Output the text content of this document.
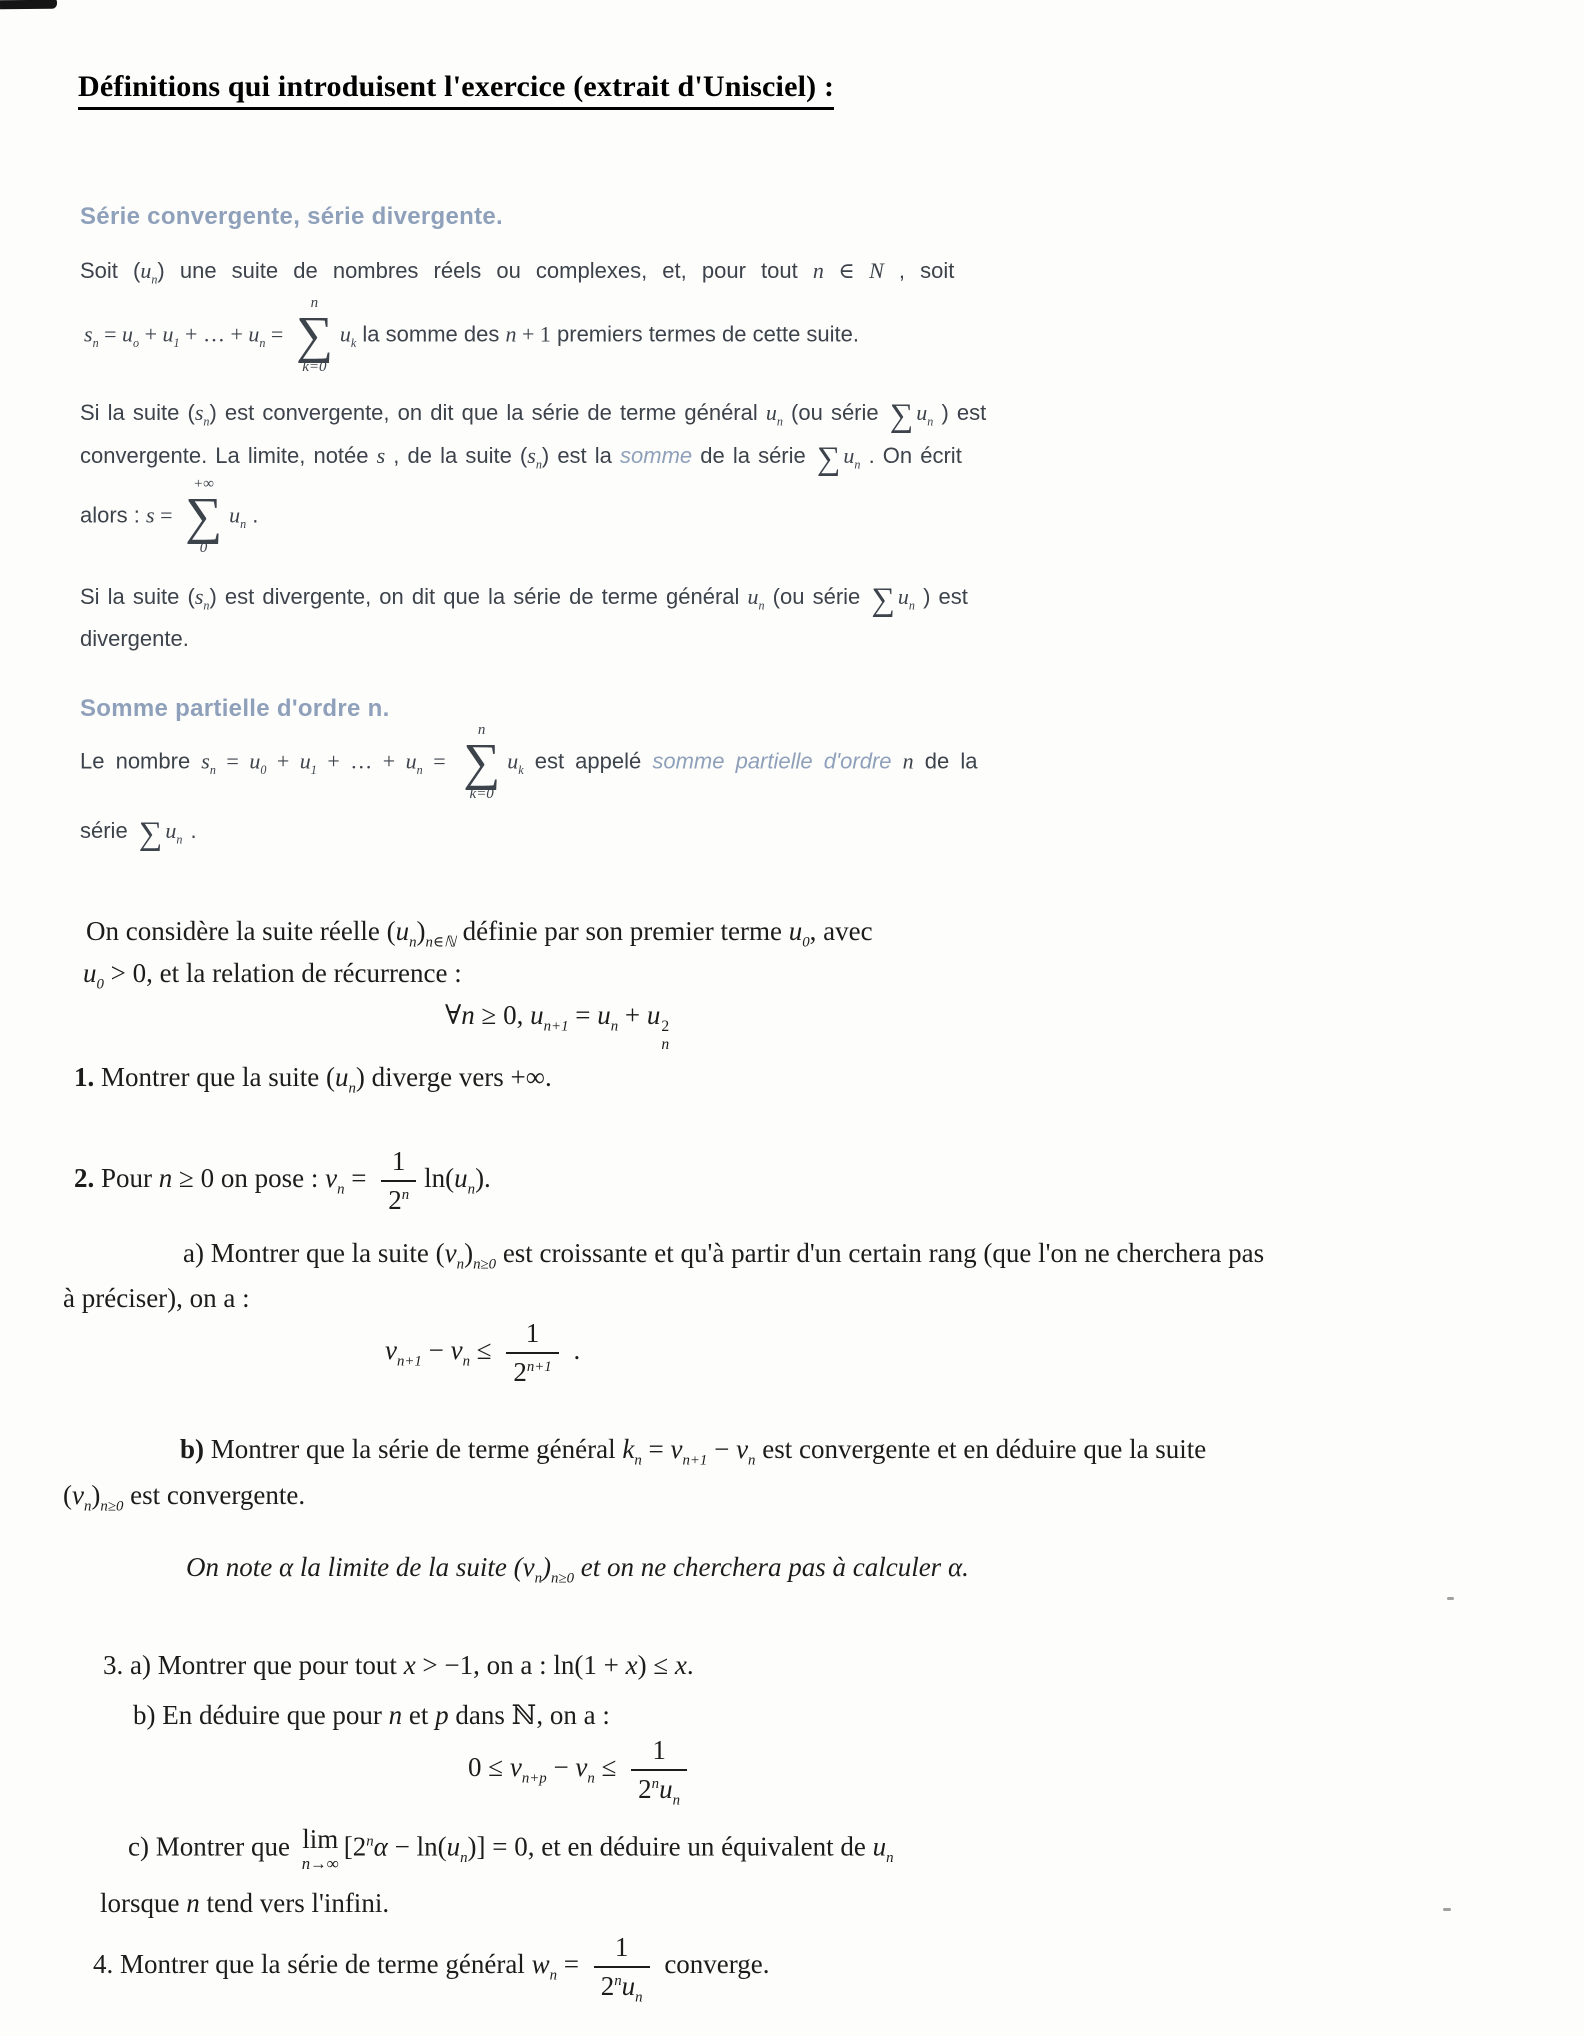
Définitions qui introduisent l'exercice (extrait d'Unisciel) :
Série convergente, série divergente.
Soit $(u_n)$ une suite de nombres réels ou complexes, et, pour tout n ∈ N , soit
$s_n = u_o + u_1$ + … + $u_n$ =
n
∑
k=0
$u_k$ la somme des n + 1 premiers termes de cette suite.
Si la suite $(s_n)$ est convergente, on dit que la série de terme général $u_n$ (ou série ∑ $u_n$ ) est
convergente. La limite, notée s , de la suite $(s_n)$ est la somme de la série ∑ $u_n$ . On écrit
alors : s =
+∞
∑
0
$u_n$ .
Si la suite $(s_n)$ est divergente, on dit que la série de terme général $u_n$ (ou série ∑ $u_n$ ) est
divergente.
Somme partielle d'ordre n.
Le nombre $s_n = u_0 + u_1$ + … + $u_n$ =
n
∑
k=0
$u_k$ est appelé somme partielle d'ordre n de la
série ∑ $u_n$ .
On considère la suite réelle $(u_n)_{n\in ℕ}$ définie par son premier terme $u_0$, avec
$u_0 > 0$, et la relation de récurrence :
∀n ≥ 0, $u_{n+1} = u_n + u$ 2
n
1. Montrer que la suite $(u_n)$ diverge vers +∞.
2. Pour n ≥ 0 on pose : $v_n = \frac{1}{2^n} \ln(u_n)$.
a) Montrer que la suite $(v_n)_{n\ge 0}$ est croissante et qu'à partir d'un certain rang (que l'on ne cherchera pas
à préciser), on a :
$v_{n+1} - v_n \le \frac{1}{2^{n+1}}$ .
b) Montrer que la série de terme général $k_n = v_{n+1} - v_n$ est convergente et en déduire que la suite
$(v_n)_{n\ge 0}$ est convergente.
On note α la limite de la suite $(v_n)_{n\ge 0}$ et on ne cherchera pas à calculer α.
3. a) Montrer que pour tout x > −1, on a : ln(1 + x) ≤ x.
b) En déduire que pour n et p dans ℕ, on a :
$0 \le v_{n+p} - v_n \le \frac{1}{2^nu_n}$
c) Montrer que lim
n→∞
$[2^n\alpha - \ln(u_n)] = 0$, et en déduire un équivalent de $u_n$
lorsque n tend vers l'infini.
4. Montrer que la série de terme général $w_n = \frac{1}{2^nu_n}$ converge.
